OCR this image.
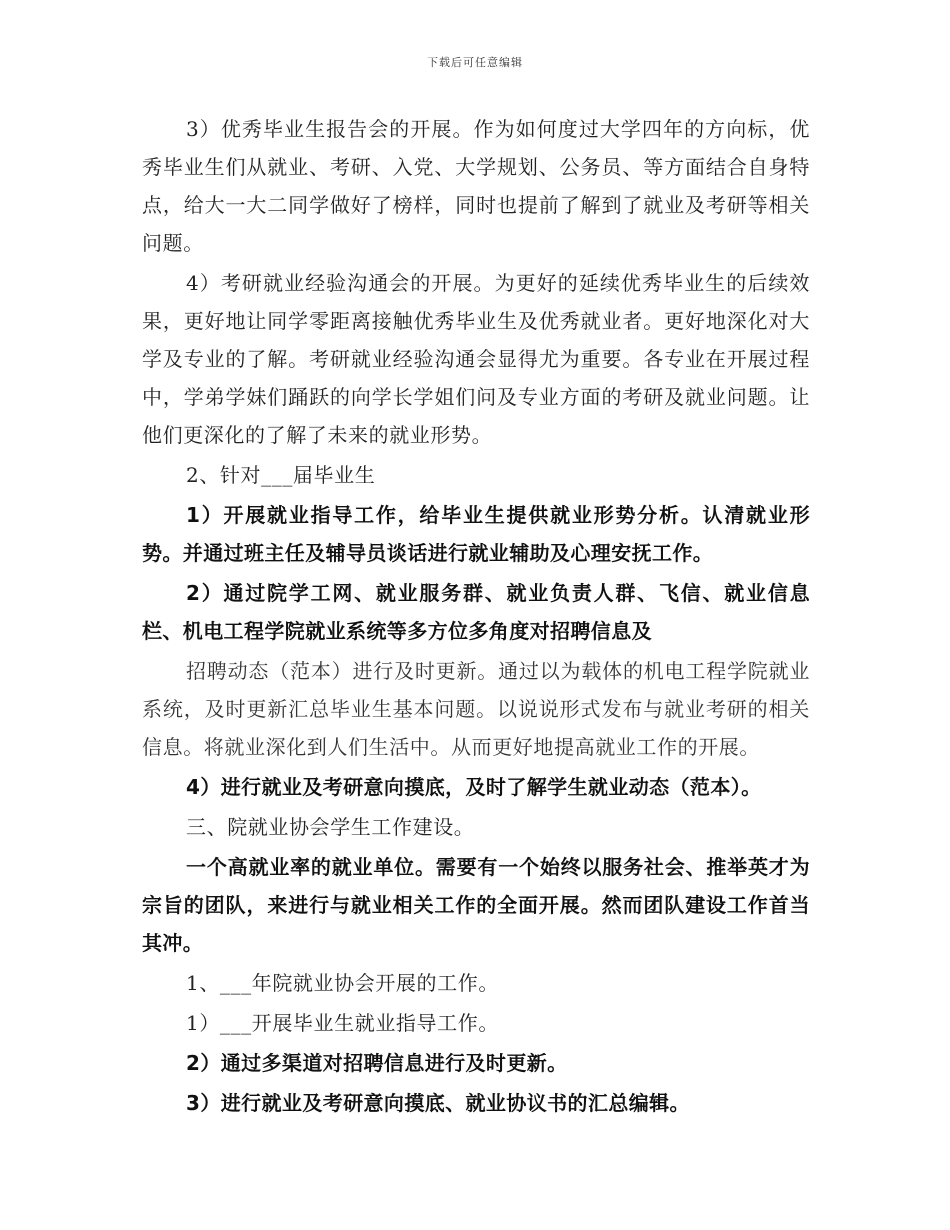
下载后可任意编辑

3）优秀毕业生报告会的开展。作为如何度过大学四年的方向标，优秀毕业生们从就业、考研、入党、大学规划、公务员、等方面结合自身特点，给大一大二同学做好了榜样，同时也提前了解到了就业及考研等相关问题。

4）考研就业经验沟通会的开展。为更好的延续优秀毕业生的后续效果，更好地让同学零距离接触优秀毕业生及优秀就业者。更好地深化对大学及专业的了解。考研就业经验沟通会显得尤为重要。各专业在开展过程中，学弟学妹们踊跃的向学长学姐们问及专业方面的考研及就业问题。让他们更深化的了解了未来的就业形势。

2、针对___届毕业生

1）开展就业指导工作，给毕业生提供就业形势分析。认清就业形势。并通过班主任及辅导员谈话进行就业辅助及心理安抚工作。

2）通过院学工网、就业服务群、就业负责人群、飞信、就业信息栏、机电工程学院就业系统等多方位多角度对招聘信息及

招聘动态（范本）进行及时更新。通过以为载体的机电工程学院就业系统，及时更新汇总毕业生基本问题。以说说形式发布与就业考研的相关信息。将就业深化到人们生活中。从而更好地提高就业工作的开展。

4）进行就业及考研意向摸底，及时了解学生就业动态（范本）。

三、院就业协会学生工作建设。

一个高就业率的就业单位。需要有一个始终以服务社会、推举英才为宗旨的团队，来进行与就业相关工作的全面开展。然而团队建设工作首当其冲。

1、___年院就业协会开展的工作。

1）___开展毕业生就业指导工作。

2）通过多渠道对招聘信息进行及时更新。

3）进行就业及考研意向摸底、就业协议书的汇总编辑。
